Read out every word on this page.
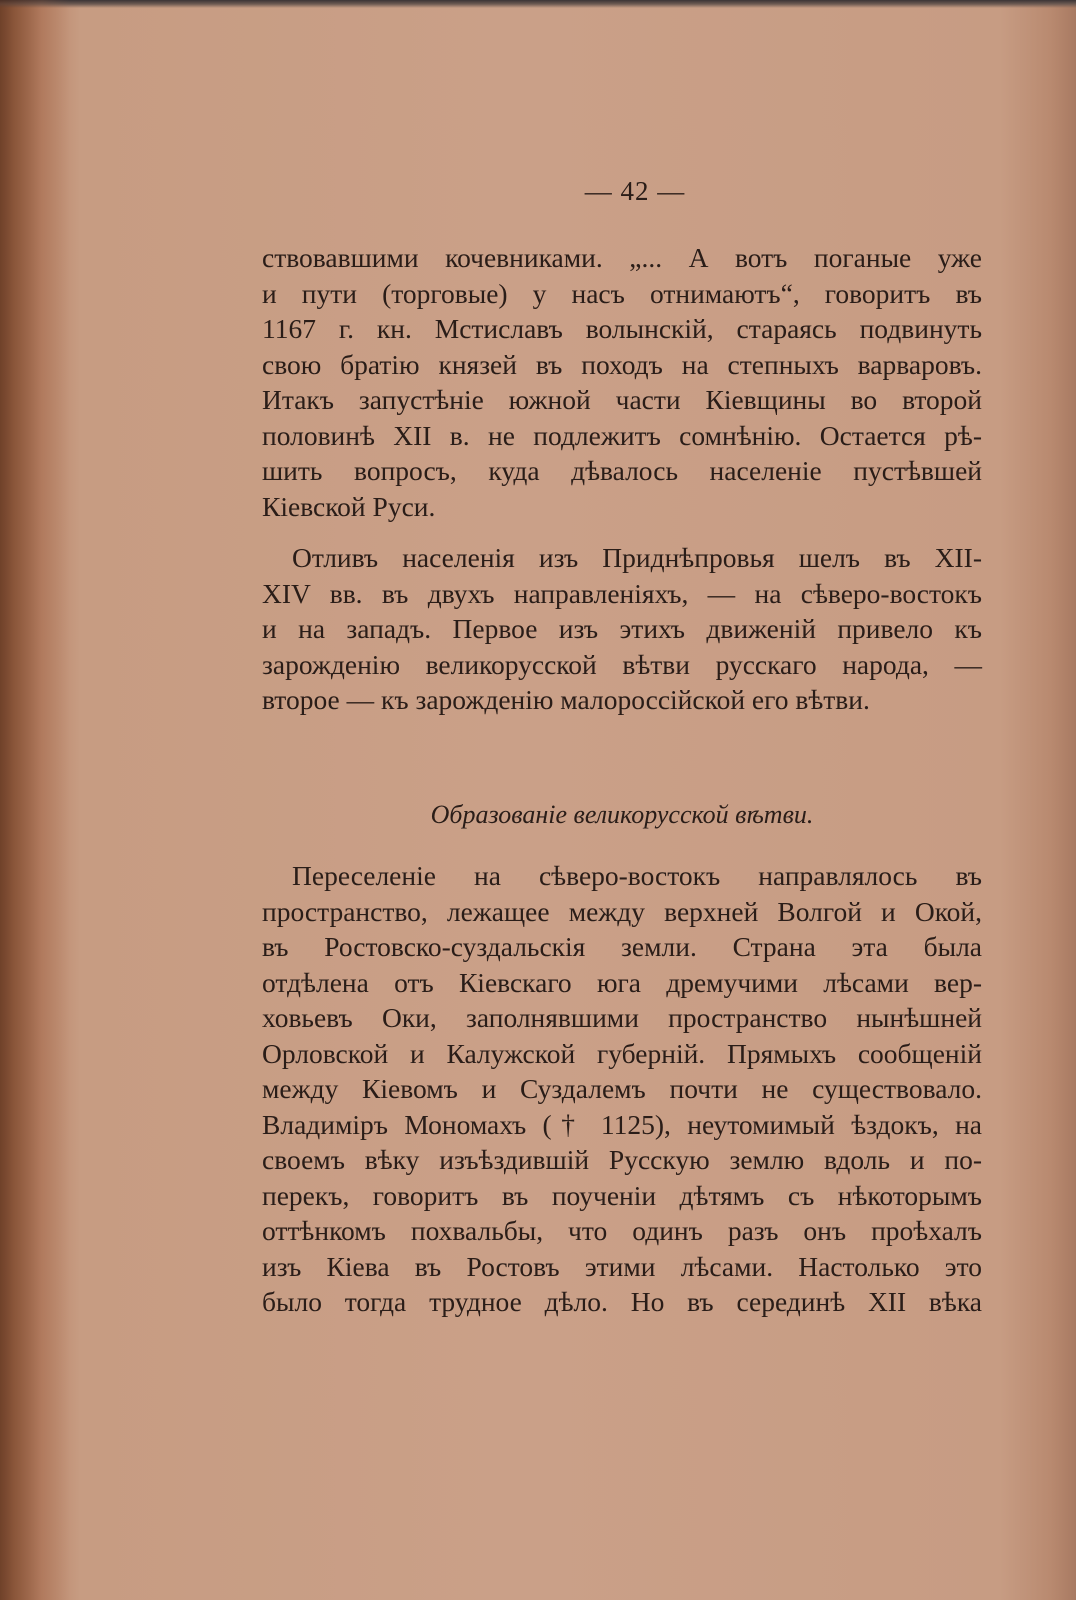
— 42 —
ствовавшими кочевниками. „... А вотъ поганые уже
и пути (торговые) у насъ отнимаютъ“, говоритъ въ
1167 г. кн. Мстиславъ волынскій, стараясь подвинуть
свою братію князей въ походъ на степныхъ варваровъ.
Итакъ запустѣніе южной части Кіевщины во второй
половинѣ XII в. не подлежитъ сомнѣнію. Остается рѣ-
шить вопросъ, куда дѣвалось населеніе пустѣвшей
Кіевской Руси.
Отливъ населенія изъ Приднѣпровья шелъ въ XII-
XIV вв. въ двухъ направленіяхъ, — на сѣверо-востокъ
и на западъ. Первое изъ этихъ движеній привело къ
зарожденію великорусской вѣтви русскаго народа, —
второе — къ зарожденію малороссійской его вѣтви.
Образованіе великорусской вѣтви.
Переселеніе на сѣверо-востокъ направлялось въ
пространство, лежащее между верхней Волгой и Окой,
въ Ростовско-суздальскія земли. Страна эта была
отдѣлена отъ Кіевскаго юга дремучими лѣсами вер-
ховьевъ Оки, заполнявшими пространство нынѣшней
Орловской и Калужской губерній. Прямыхъ сообщеній
между Кіевомъ и Суздалемъ почти не существовало.
Владиміръ Мономахъ († 1125), неутомимый ѣздокъ, на
своемъ вѣку изъѣздившій Русскую землю вдоль и по-
перекъ, говоритъ въ поученіи дѣтямъ съ нѣкоторымъ
оттѣнкомъ похвальбы, что одинъ разъ онъ проѣхалъ
изъ Кіева въ Ростовъ этими лѣсами. Настолько это
было тогда трудное дѣло. Но въ серединѣ XII вѣка
